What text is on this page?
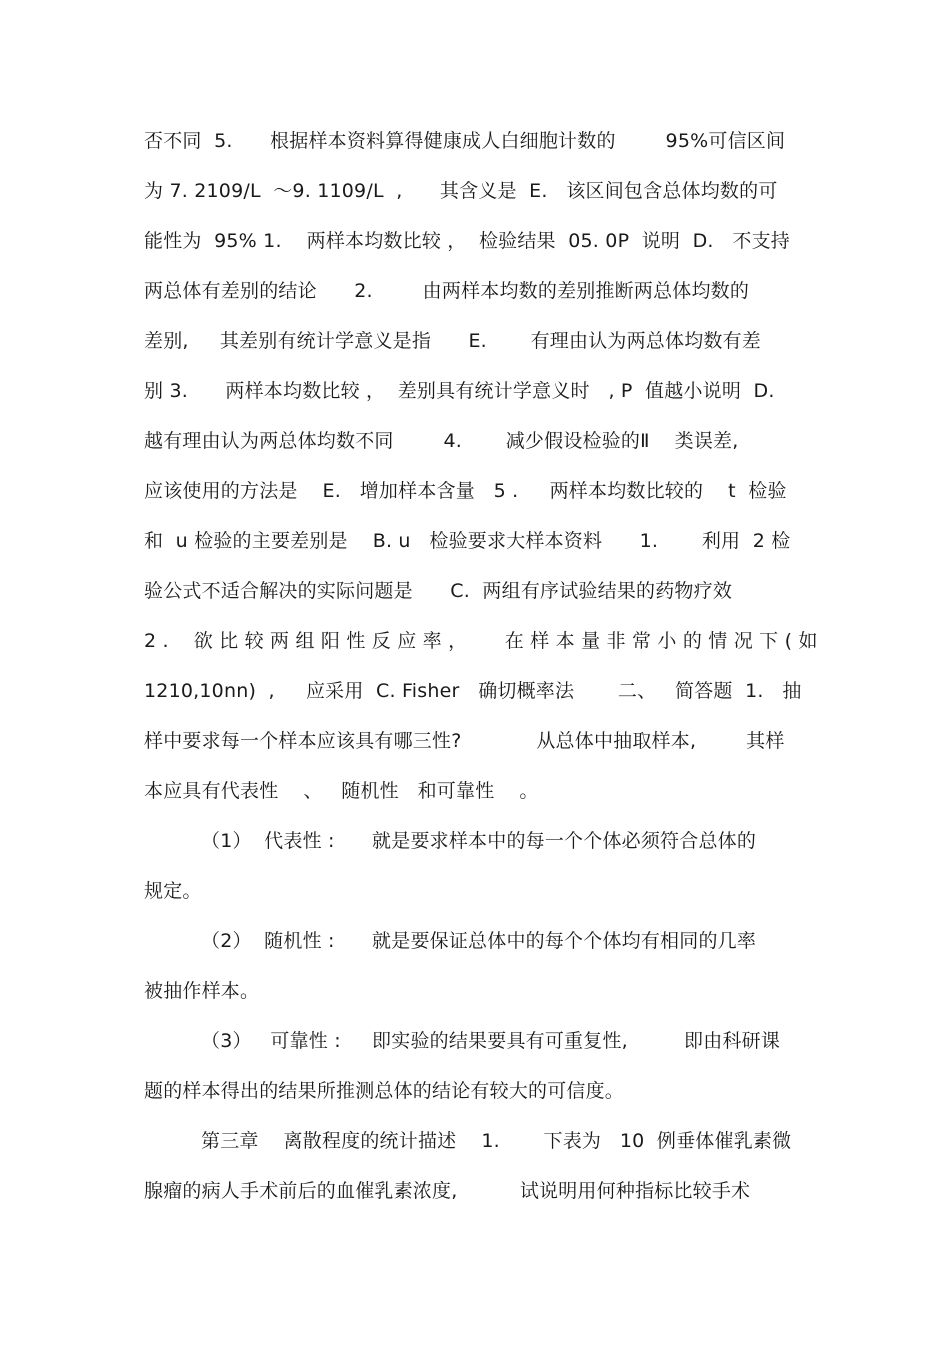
否不同  5.      根据样本资料算得健康成人白细胞计数的        95%可信区间
为 7. 2109/L  ～9. 1109/L  ,      其含义是  E.   该区间包含总体均数的可
能性为  95% 1.    两样本均数比较 ，  检验结果  05. 0P  说明  D.   不支持
两总体有差别的结论      2.        由两样本均数的差别推断两总体均数的
差别,     其差别有统计学意义是指      E.       有理由认为两总体均数有差
别 3.      两样本均数比较 ，  差别具有统计学意义时   , P  值越小说明  D.
越有理由认为两总体均数不同        4.       减少假设检验的Ⅱ    类误差,
应该使用的方法是    E.   增加样本含量   5 .     两样本均数比较的    t  检验
和  u 检验的主要差别是    B. u   检验要求大样本资料      1.       利用  2 检
验公式不适合解决的实际问题是      C.  两组有序试验结果的药物疗效
2 .    欲 比 较 两 组 阳 性 反 应 率 ，      在 样 本 量 非 常 小 的 情 况 下 ( 如
1210,10nn)  ,     应采用  C. Fisher   确切概率法       二、   简答题  1.   抽
样中要求每一个样本应该具有哪三性?            从总体中抽取样本,        其样
本应具有代表性    、   随机性   和可靠性    。
（1）  代表性 :      就是要求样本中的每一个个体必须符合总体的
规定。
（2）  随机性 :      就是要保证总体中的每个个体均有相同的几率
被抽作样本。
（3）   可靠性 :     即实验的结果要具有可重复性,         即由科研课
题的样本得出的结果所推测总体的结论有较大的可信度。
第三章    离散程度的统计描述    1.       下表为   10  例垂体催乳素微
腺瘤的病人手术前后的血催乳素浓度,          试说明用何种指标比较手术
